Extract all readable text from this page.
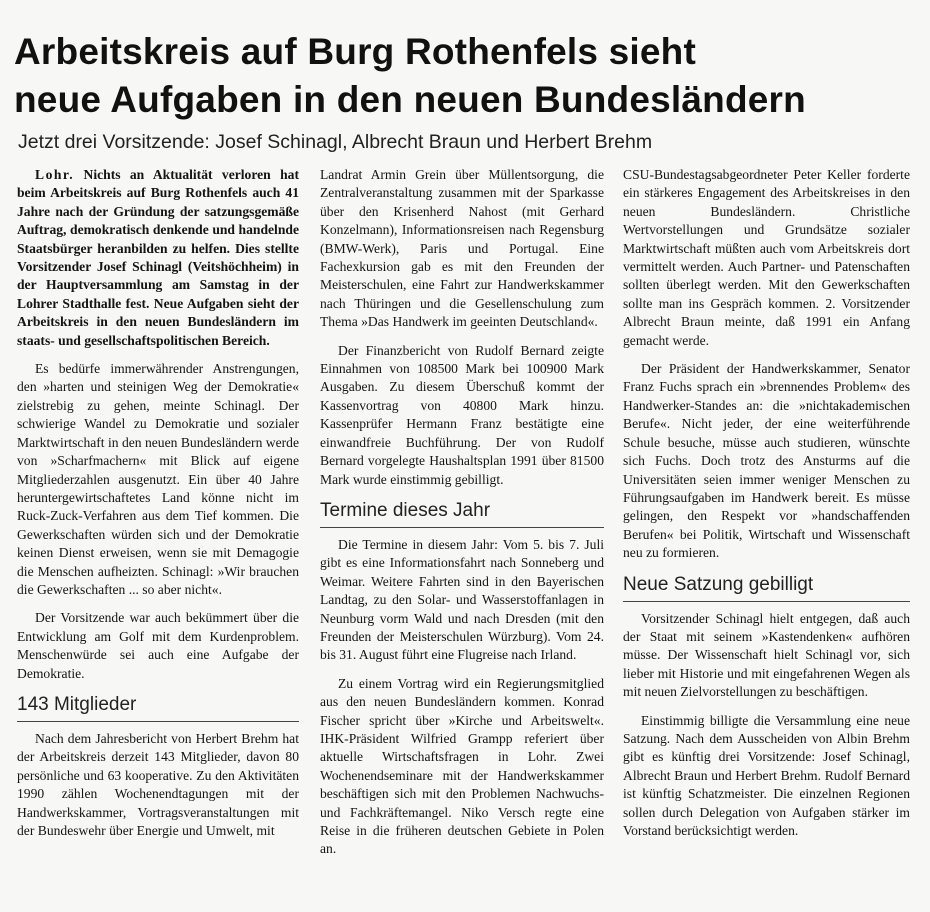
Arbeitskreis auf Burg Rothenfels sieht
neue Aufgaben in den neuen Bundesländern
Jetzt drei Vorsitzende: Josef Schinagl, Albrecht Braun und Herbert Brehm

Lohr. Nichts an Aktualität verloren hat beim Arbeitskreis auf Burg Rothenfels auch 41 Jahre nach der Gründung der satzungsgemäße Auftrag, demokratisch denkende und handelnde Staatsbürger heranbilden zu helfen. Dies stellte Vorsitzender Josef Schinagl (Veitshöchheim) in der Hauptversammlung am Samstag in der Lohrer Stadthalle fest. Neue Aufgaben sieht der Arbeitskreis in den neuen Bundesländern im staats- und gesellschaftspolitischen Bereich.

Es bedürfe immerwährender Anstrengungen, den »harten und steinigen Weg der Demokratie« zielstrebig zu gehen, meinte Schinagl. Der schwierige Wandel zu Demokratie und sozialer Marktwirtschaft in den neuen Bundesländern werde von »Scharfmachern« mit Blick auf eigene Mitgliederzahlen ausgenutzt. Ein über 40 Jahre heruntergewirtschaftetes Land könne nicht im Ruck-Zuck-Verfahren aus dem Tief kommen. Die Gewerkschaften würden sich und der Demokratie keinen Dienst erweisen, wenn sie mit Demagogie die Menschen aufheizten. Schinagl: »Wir brauchen die Gewerkschaften ... so aber nicht«.

Der Vorsitzende war auch bekümmert über die Entwicklung am Golf mit dem Kurdenproblem. Menschenwürde sei auch eine Aufgabe der Demokratie.

143 Mitglieder

Nach dem Jahresbericht von Herbert Brehm hat der Arbeitskreis derzeit 143 Mitglieder, davon 80 persönliche und 63 kooperative. Zu den Aktivitäten 1990 zählen Wochenendtagungen mit der Handwerkskammer, Vortragsveranstaltungen mit der Bundeswehr über Energie und Umwelt, mit

Landrat Armin Grein über Müllentsorgung, die Zentralveranstaltung zusammen mit der Sparkasse über den Krisenherd Nahost (mit Gerhard Konzelmann), Informationsreisen nach Regensburg (BMW-Werk), Paris und Portugal. Eine Fachexkursion gab es mit den Freunden der Meisterschulen, eine Fahrt zur Handwerkskammer nach Thüringen und die Gesellenschulung zum Thema »Das Handwerk im geeinten Deutschland«.

Der Finanzbericht von Rudolf Bernard zeigte Einnahmen von 108500 Mark bei 100900 Mark Ausgaben. Zu diesem Überschuß kommt der Kassenvortrag von 40800 Mark hinzu. Kassenprüfer Hermann Franz bestätigte eine einwandfreie Buchführung. Der von Rudolf Bernard vorgelegte Haushaltsplan 1991 über 81500 Mark wurde einstimmig gebilligt.

Termine dieses Jahr

Die Termine in diesem Jahr: Vom 5. bis 7. Juli gibt es eine Informationsfahrt nach Sonneberg und Weimar. Weitere Fahrten sind in den Bayerischen Landtag, zu den Solar- und Wasserstoffanlagen in Neunburg vorm Wald und nach Dresden (mit den Freunden der Meisterschulen Würzburg). Vom 24. bis 31. August führt eine Flugreise nach Irland.

Zu einem Vortrag wird ein Regierungsmitglied aus den neuen Bundesländern kommen. Konrad Fischer spricht über »Kirche und Arbeitswelt«. IHK-Präsident Wilfried Grampp referiert über aktuelle Wirtschaftsfragen in Lohr. Zwei Wochenendseminare mit der Handwerkskammer beschäftigen sich mit den Problemen Nachwuchs- und Fachkräftemangel. Niko Versch regte eine Reise in die früheren deutschen Gebiete in Polen an.

CSU-Bundestagsabgeordneter Peter Keller forderte ein stärkeres Engagement des Arbeitskreises in den neuen Bundesländern. Christliche Wertvorstellungen und Grundsätze sozialer Marktwirtschaft müßten auch vom Arbeitskreis dort vermittelt werden. Auch Partner- und Patenschaften sollten überlegt werden. Mit den Gewerkschaften sollte man ins Gespräch kommen. 2. Vorsitzender Albrecht Braun meinte, daß 1991 ein Anfang gemacht werde.

Der Präsident der Handwerkskammer, Senator Franz Fuchs sprach ein »brennendes Problem« des Handwerker-Standes an: die »nichtakademischen Berufe«. Nicht jeder, der eine weiterführende Schule besuche, müsse auch studieren, wünschte sich Fuchs. Doch trotz des Ansturms auf die Universitäten seien immer weniger Menschen zu Führungsaufgaben im Handwerk bereit. Es müsse gelingen, den Respekt vor »handschaffenden Berufen« bei Politik, Wirtschaft und Wissenschaft neu zu formieren.

Neue Satzung gebilligt

Vorsitzender Schinagl hielt entgegen, daß auch der Staat mit seinem »Kastendenken« aufhören müsse. Der Wissenschaft hielt Schinagl vor, sich lieber mit Historie und mit eingefahrenen Wegen als mit neuen Zielvorstellungen zu beschäftigen.

Einstimmig billigte die Versammlung eine neue Satzung. Nach dem Ausscheiden von Albin Brehm gibt es künftig drei Vorsitzende: Josef Schinagl, Albrecht Braun und Herbert Brehm. Rudolf Bernard ist künftig Schatzmeister. Die einzelnen Regionen sollen durch Delegation von Aufgaben stärker im Vorstand berücksichtigt werden.
